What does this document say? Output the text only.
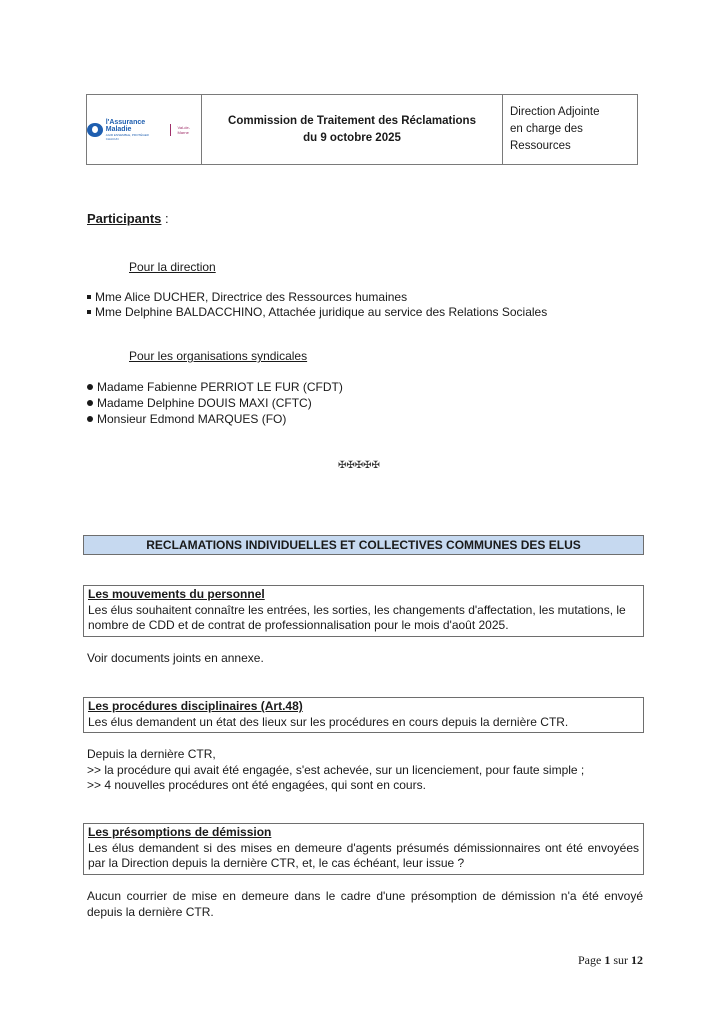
l'Assurance
Maladie
AGIR ENSEMBLE, PROTÉGER CHACUN
Val-de-Marne
Commission de Traitement des Réclamations
du 9 octobre 2025
Direction Adjointe
en charge des Ressources
Participants :
Pour la direction
Mme Alice DUCHER, Directrice des Ressources humaines
Mme Delphine BALDACCHINO, Attachée juridique au service des Relations Sociales
Pour les organisations syndicales
Madame Fabienne PERRIOT LE FUR (CFDT)
Madame Delphine DOUIS MAXI (CFTC)
Monsieur Edmond MARQUES (FO)
✠✠✠✠✠
RECLAMATIONS INDIVIDUELLES ET COLLECTIVES COMMUNES DES ELUS
Les mouvements du personnel
Les élus souhaitent connaître les entrées, les sorties, les changements d'affectation, les mutations, le nombre de CDD et de contrat de professionnalisation pour le mois d'août 2025.
Voir documents joints en annexe.
Les procédures disciplinaires (Art.48)
Les élus demandent un état des lieux sur les procédures en cours depuis la dernière CTR.
Depuis la dernière CTR,
>> la procédure qui avait été engagée, s'est achevée, sur un licenciement, pour faute simple ;
>> 4 nouvelles procédures ont été engagées, qui sont en cours.
Les présomptions de démission
Les élus demandent si des mises en demeure d'agents présumés démissionnaires ont été envoyées par la Direction depuis la dernière CTR, et, le cas échéant, leur issue ?
Aucun courrier de mise en demeure dans le cadre d'une présomption de démission n'a été envoyé depuis la dernière CTR.
Page 1 sur 12
